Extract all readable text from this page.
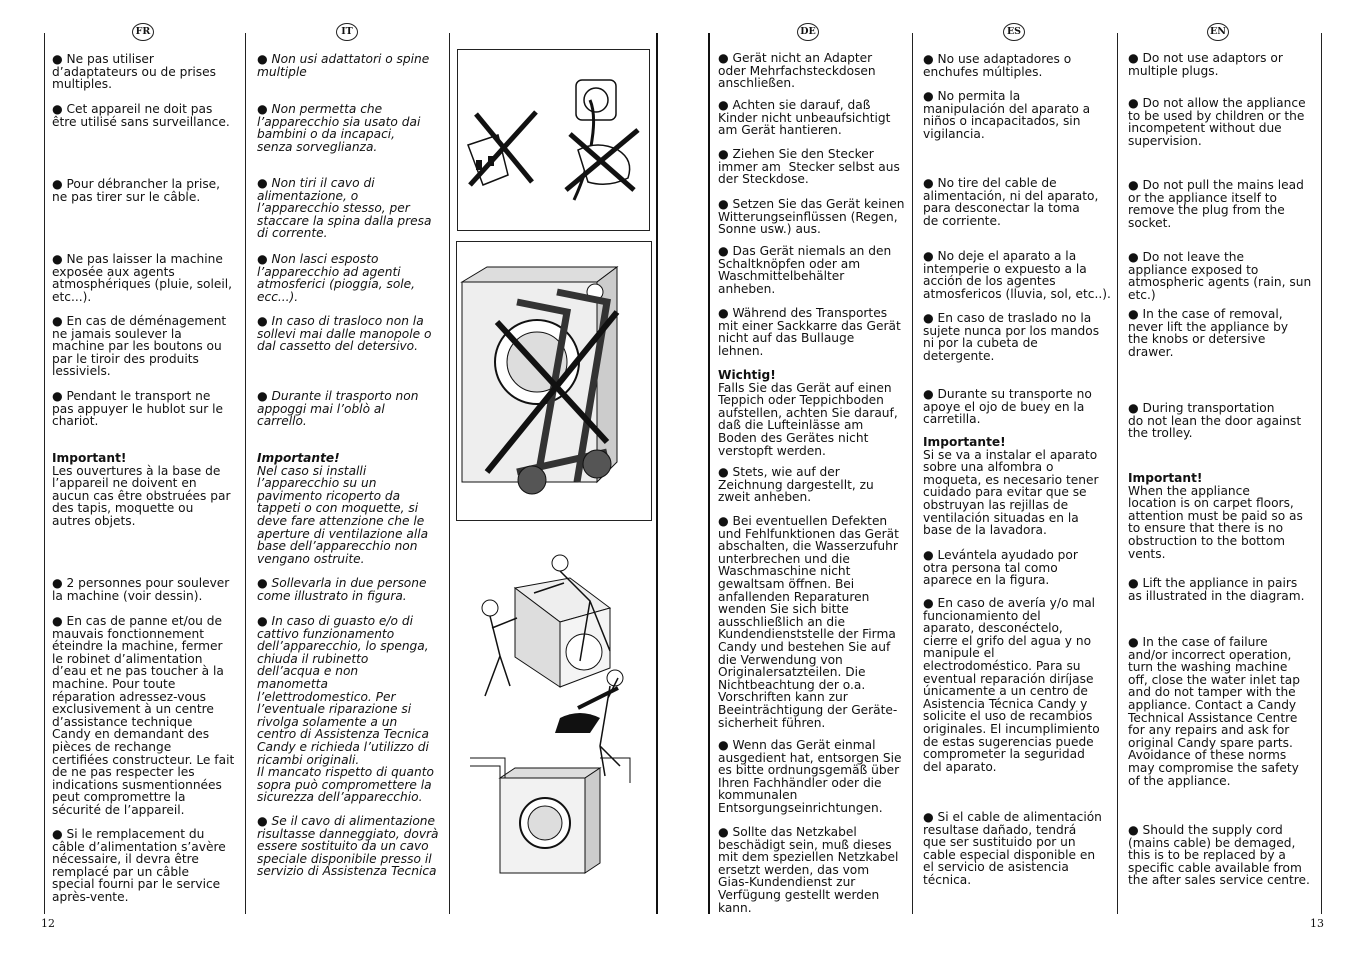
FR	IT	DE	ES	EN

● Ne pas utiliser
d’adaptateurs ou de prises
multiples.

● Cet appareil ne doit pas
être utilisé sans surveillance.

● Pour débrancher la prise,
ne pas tirer sur le câble.

● Ne pas laisser la machine
exposée aux agents
atmosphériques (pluie, soleil,
etc...).

● En cas de déménagement
ne jamais soulever la
machine par les boutons ou
par le tiroir des produits
lessiviels.

● Pendant le transport ne
pas appuyer le hublot sur le
chariot.

Important!
Les ouvertures à la base de
l’appareil ne doivent en
aucun cas être obstruées par
des tapis, moquette ou
autres objets.

● 2 personnes pour soulever
la machine (voir dessin).

● En cas de panne et/ou de
mauvais fonctionnement
éteindre la machine, fermer
le robinet d’alimentation
d’eau et ne pas toucher à la
machine. Pour toute
réparation adressez-vous
exclusivement à un centre
d’assistance technique
Candy en demandant des
pièces de rechange
certifiées constructeur. Le fait
de ne pas respecter les
indications susmentionnées
peut compromettre la
sécurité de l’appareil.

● Si le remplacement du
câble d’alimentation s’avère
nécessaire, il devra être
remplacé par un câble
special fourni par le service
après-vente.

● Non usi adattatori o spine
multiple

● Non permetta che
l’apparecchio sia usato dai
bambini o da incapaci,
senza sorveglianza.

● Non tiri il cavo di
alimentazione, o
l’apparecchio stesso, per
staccare la spina dalla presa
di corrente.

● Non lasci esposto
l’apparecchio ad agenti
atmosferici (pioggia, sole,
ecc...).

● In caso di trasloco non la
sollevi mai dalle manopole o
dal cassetto del detersivo.

● Durante il trasporto non
appoggi mai l’oblò al
carrello.

Importante!
Nel caso si installi
l’apparecchio su un
pavimento ricoperto da
tappeti o con moquette, si
deve fare attenzione che le
aperture di ventilazione alla
base dell’apparecchio non
vengano ostruite.

● Sollevarla in due persone
come illustrato in figura.

● In caso di guasto e/o di
cattivo funzionamento
dell’apparecchio, lo spenga,
chiuda il rubinetto
dell’acqua e non
manometta
l’elettrodomestico. Per
l’eventuale riparazione si
rivolga solamente a un
centro di Assistenza Tecnica
Candy e richieda l’utilizzo di
ricambi originali.
Il mancato rispetto di quanto
sopra può compromettere la
sicurezza dell’apparecchio.

● Se il cavo di alimentazione
risultasse danneggiato, dovrà
essere sostituito da un cavo
speciale disponibile presso il
servizio di Assistenza Tecnica

● Gerät nicht an Adapter
oder Mehrfachsteckdosen
anschließen.

● Achten sie darauf, daß
Kinder nicht unbeaufsichtigt
am Gerät hantieren.

● Ziehen Sie den Stecker
immer am  Stecker selbst aus
der Steckdose.

● Setzen Sie das Gerät keinen
Witterungseinflüssen (Regen,
Sonne usw.) aus.

● Das Gerät niemals an den
Schaltknöpfen oder am
Waschmittelbehälter
anheben.

● Während des Transportes
mit einer Sackkarre das Gerät
nicht auf das Bullauge
lehnen.

Wichtig!
Falls Sie das Gerät auf einen
Teppich oder Teppichboden
aufstellen, achten Sie darauf,
daß die Lufteinlässe am
Boden des Gerätes nicht
verstopft werden.

● Stets, wie auf der
Zeichnung dargestellt, zu
zweit anheben.

● Bei eventuellen Defekten
und Fehlfunktionen das Gerät
abschalten, die Wasserzufuhr
unterbrechen und die
Waschmaschine nicht
gewaltsam öffnen. Bei
anfallenden Reparaturen
wenden Sie sich bitte
ausschließlich an die
Kundendienststelle der Firma
Candy und bestehen Sie auf
die Verwendung von
Originalersatzteilen. Die
Nichtbeachtung der o.a.
Vorschriften kann zur
Beeinträchtigung der Geräte-
sicherheit führen.

● Wenn das Gerät einmal
ausgedient hat, entsorgen Sie
es bitte ordnungsgemäß über
Ihren Fachhändler oder die
kommunalen
Entsorgungseinrichtungen.

● Sollte das Netzkabel
beschädigt sein, muß dieses
mit dem speziellen Netzkabel
ersetzt werden, das vom
Gias-Kundendienst zur
Verfügung gestellt werden
kann.

● No use adaptadores o
enchufes múltiples.

● No permita la
manipulación del aparato a
niños o incapacitados, sin
vigilancia.

● No tire del cable de
alimentación, ni del aparato,
para desconectar la toma
de corriente.

● No deje el aparato a la
intemperie o expuesto a la
acción de los agentes
atmosfericos (lluvia, sol, etc..).

● En caso de traslado no la
sujete nunca por los mandos
ni por la cubeta de
detergente.

● Durante su transporte no
apoye el ojo de buey en la
carretilla.

Importante!
Si se va a instalar el aparato
sobre una alfombra o
moqueta, es necesario tener
cuidado para evitar que se
obstruyan las rejillas de
ventilación situadas en la
base de la lavadora.

● Levántela ayudado por
otra persona tal como
aparece en la figura.

● En caso de avería y/o mal
funcionamiento del
aparato, desconéctelo,
cierre el grifo del agua y no
manipule el
electrodoméstico. Para su
eventual reparación diríjase
únicamente a un centro de
Asistencia Técnica Candy y
solicite el uso de recambios
originales. El incumplimiento
de estas sugerencias puede
comprometer la seguridad
del aparato.

● Si el cable de alimentación
resultase dañado, tendrá
que ser sustituido por un
cable especial disponible en
el servicio de asistencia
técnica.

● Do not use adaptors or
multiple plugs.

● Do not allow the appliance
to be used by children or the
incompetent without due
supervision.

● Do not pull the mains lead
or the appliance itself to
remove the plug from the
socket.

● Do not leave the
appliance exposed to
atmospheric agents (rain, sun
etc.)

● In the case of removal,
never lift the appliance by
the knobs or detersive
drawer.

● During transportation
do not lean the door against
the trolley.

Important!
When the appliance
location is on carpet floors,
attention must be paid so as
to ensure that there is no
obstruction to the bottom
vents.

● Lift the appliance in pairs
as illustrated in the diagram.

● In the case of failure
and/or incorrect operation,
turn the washing machine
off, close the water inlet tap
and do not tamper with the
appliance. Contact a Candy
Technical Assistance Centre
for any repairs and ask for
original Candy spare parts.
Avoidance of these norms
may compromise the safety
of the appliance.

● Should the supply cord
(mains cable) be demaged,
this is to be replaced by a
specific cable available from
the after sales service centre.

12	13
